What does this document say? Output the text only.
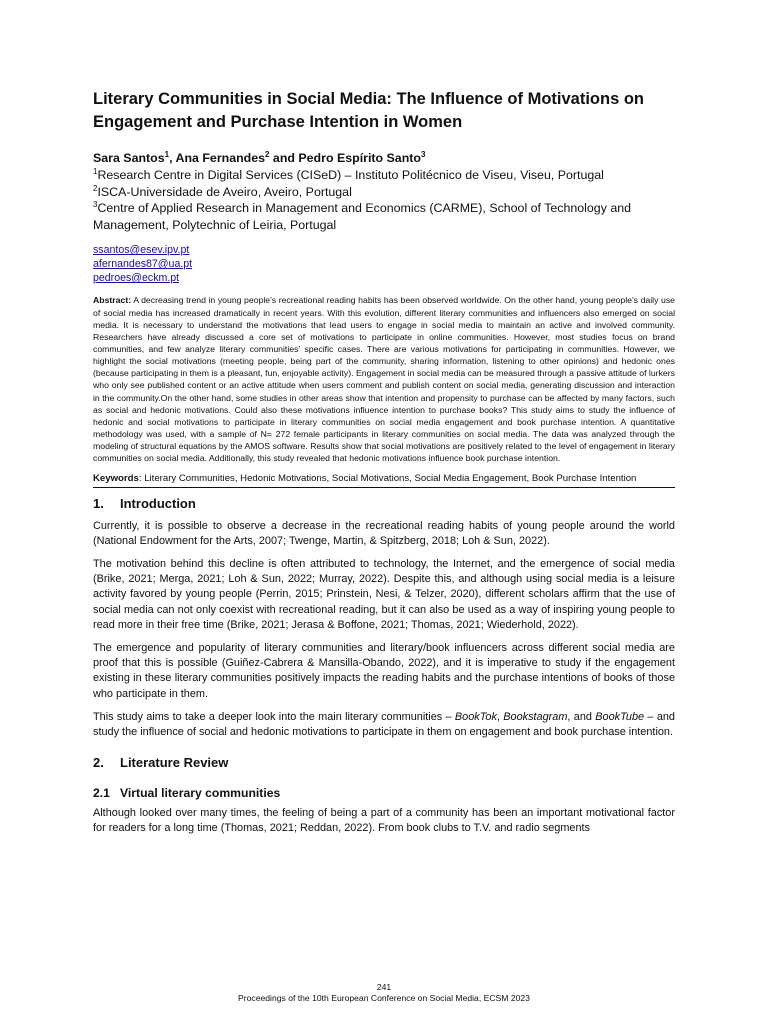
Literary Communities in Social Media: The Influence of Motivations on Engagement and Purchase Intention in Women
Sara Santos$^1$, Ana Fernandes$^2$ and Pedro Espírito Santo$^3$
$^1$Research Centre in Digital Services (CISeD) – Instituto Politécnico de Viseu, Viseu, Portugal
$^2$ISCA-Universidade de Aveiro, Aveiro, Portugal
$^3$Centre of Applied Research in Management and Economics (CARME), School of Technology and Management, Polytechnic of Leiria, Portugal
ssantos@esev.ipv.pt
afernandes87@ua.pt
pedroes@eckm.pt
Abstract: A decreasing trend in young people's recreational reading habits has been observed worldwide. On the other hand, young people's daily use of social media has increased dramatically in recent years. With this evolution, different literary communities and influencers also emerged on social media. It is necessary to understand the motivations that lead users to engage in social media to maintain an active and involved community. Researchers have already discussed a core set of motivations to participate in online communities. However, most studies focus on brand communities, and few analyze literary communities' specific cases. There are various motivations for participating in communities. However, we highlight the social motivations (meeting people, being part of the community, sharing information, listening to other opinions) and hedonic ones (because participating in them is a pleasant, fun, enjoyable activity). Engagement in social media can be measured through a passive attitude of lurkers who only see published content or an active attitude when users comment and publish content on social media, generating discussion and interaction in the community.On the other hand, some studies in other areas show that intention and propensity to purchase can be affected by many factors, such as social and hedonic motivations. Could also these motivations influence intention to purchase books? This study aims to study the influence of hedonic and social motivations to participate in literary communities on social media engagement and book purchase intention. A quantitative methodology was used, with a sample of N= 272 female participants in literary communities on social media. The data was analyzed through the modeling of structural equations by the AMOS software. Results show that social motivations are positively related to the level of engagement in literary communities on social media. Additionally, this study revealed that hedonic motivations influence book purchase intention.
Keywords: Literary Communities, Hedonic Motivations, Social Motivations, Social Media Engagement, Book Purchase Intention
1. Introduction

Currently, it is possible to observe a decrease in the recreational reading habits of young people around the world (National Endowment for the Arts, 2007; Twenge, Martin, & Spitzberg, 2018; Loh & Sun, 2022).

The motivation behind this decline is often attributed to technology, the Internet, and the emergence of social media (Brike, 2021; Merga, 2021; Loh & Sun, 2022; Murray, 2022). Despite this, and although using social media is a leisure activity favored by young people (Perrin, 2015; Prinstein, Nesi, & Telzer, 2020), different scholars affirm that the use of social media can not only coexist with recreational reading, but it can also be used as a way of inspiring young people to read more in their free time (Brike, 2021; Jerasa & Boffone, 2021; Thomas, 2021; Wiederhold, 2022).

The emergence and popularity of literary communities and literary/book influencers across different social media are proof that this is possible (Guiñez-Cabrera & Mansilla-Obando, 2022), and it is imperative to study if the engagement existing in these literary communities positively impacts the reading habits and the purchase intentions of books of those who participate in them.

This study aims to take a deeper look into the main literary communities – BookTok, Bookstagram, and BookTube – and study the influence of social and hedonic motivations to participate in them on engagement and book purchase intention.

2. Literature Review
2.1 Virtual literary communities

Although looked over many times, the feeling of being a part of a community has been an important motivational factor for readers for a long time (Thomas, 2021; Reddan, 2022). From book clubs to T.V. and radio segments

241
Proceedings of the 10th European Conference on Social Media, ECSM 2023
